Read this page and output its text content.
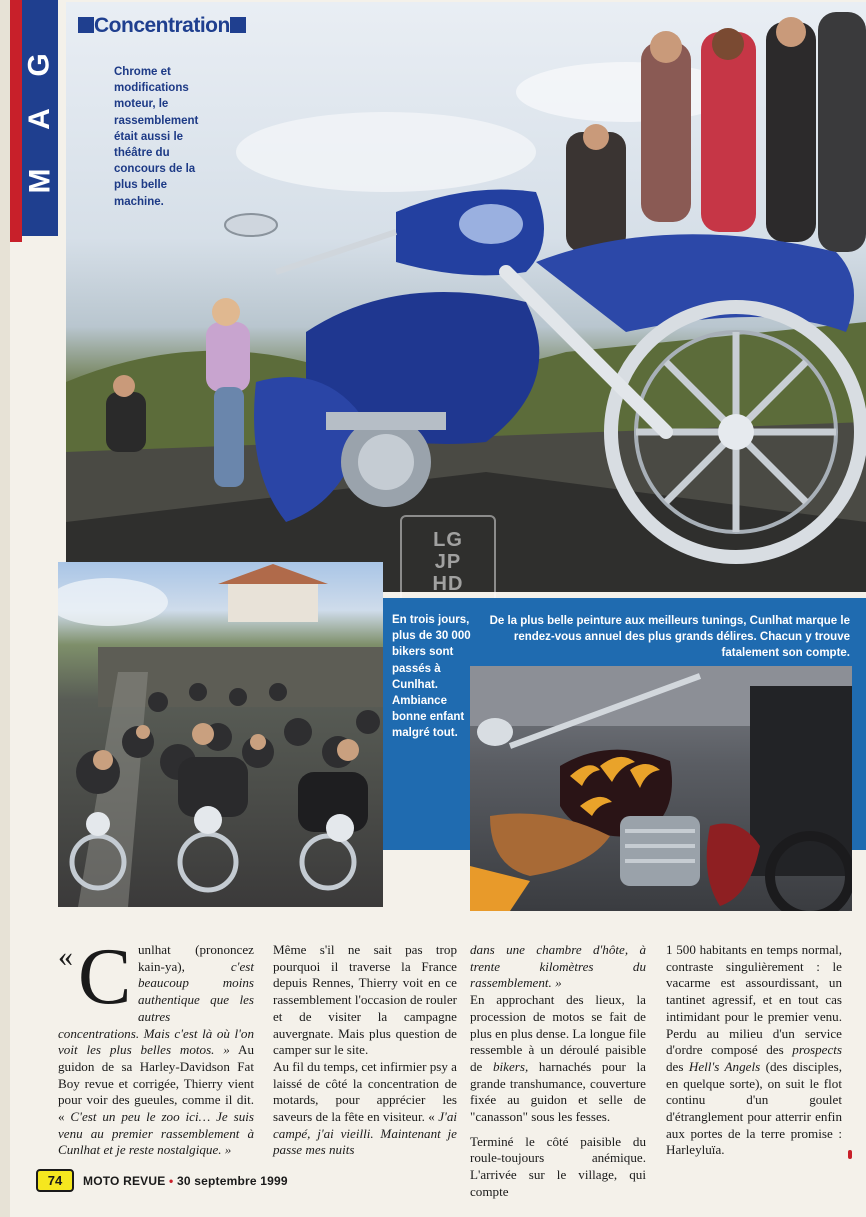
G
A
M
Concentration
Chrome et modifications moteur, le rassemblement était aussi le théâtre du concours de la plus belle machine.
LG
JP
HD
En trois jours, plus de 30 000 bikers sont passés à Cunlhat. Ambiance bonne enfant malgré tout.
De la plus belle peinture aux meilleurs tunings, Cunlhat marque le rendez-vous annuel des plus grands délires. Chacun y trouve fatalement son compte.
« C unlhat (prononcez kain-ya),	c'est beaucoup moins authentique que les autres concentrations. Mais c'est là où l'on voit les plus belles motos. » Au guidon de sa Harley-Davidson Fat Boy revue et corrigée, Thierry vient pour voir des gueules, comme il dit. « C'est un peu le zoo ici… Je suis venu au premier rassemblement à Cunlhat et je reste nostalgique. »

Même s'il ne sait pas trop pourquoi il traverse la France depuis Rennes, Thierry voit en ce rassemblement l'occasion de rouler et de visiter la campagne auvergnate. Mais plus question de camper sur le site.

Au fil du temps, cet infirmier psy a laissé de côté la concentration de motards, pour apprécier les saveurs de la fête en visiteur. « J'ai campé, j'ai vieilli. Maintenant je passe mes nuits

dans une chambre d'hôte, à trente kilomètres du rassemblement. »

En approchant des lieux, la procession de motos se fait de plus en plus dense. La longue file ressemble à un déroulé paisible de bikers, harnachés pour la grande transhumance, couverture fixée au guidon et selle de "canasson" sous les fesses.

Terminé le côté paisible du roule-toujours anémique. L'arrivée sur le village, qui compte

1 500 habitants en temps normal, contraste singulièrement : le vacarme est assourdissant, un tantinet agressif, et en tout cas intimidant pour le premier venu. Perdu au milieu d'un service d'ordre composé des prospects des Hell's Angels (des disciples, en quelque sorte), on suit le flot continu d'un goulet d'étranglement pour atterrir enfin aux portes de la terre promise : Harleyluïa.

74	MOTO REVUE • 30 septembre 1999
